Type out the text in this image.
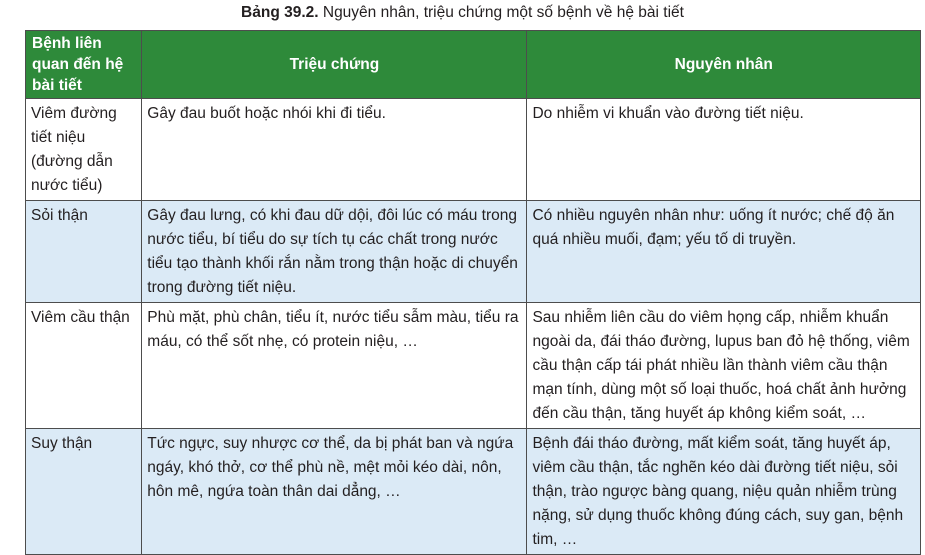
Bảng 39.2. Nguyên nhân, triệu chứng một số bệnh về hệ bài tiết
Bệnh liên quan đến hệ bài tiết	Triệu chứng	Nguyên nhân
Viêm đường tiết niệu (đường dẫn nước tiểu)	Gây đau buốt hoặc nhói khi đi tiểu.	Do nhiễm vi khuẩn vào đường tiết niệu.
Sỏi thận	Gây đau lưng, có khi đau dữ dội, đôi lúc có máu trong nước tiểu, bí tiểu do sự tích tụ các chất trong nước tiểu tạo thành khối rắn nằm trong thận hoặc di chuyển trong đường tiết niệu.	Có nhiều nguyên nhân như: uống ít nước; chế độ ăn quá nhiều muối, đạm; yếu tố di truyền.
Viêm cầu thận	Phù mặt, phù chân, tiểu ít, nước tiểu sẫm màu, tiểu ra máu, có thể sốt nhẹ, có protein niệu, …	Sau nhiễm liên cầu do viêm họng cấp, nhiễm khuẩn ngoài da, đái tháo đường, lupus ban đỏ hệ thống, viêm cầu thận cấp tái phát nhiều lần thành viêm cầu thận mạn tính, dùng một số loại thuốc, hoá chất ảnh hưởng đến cầu thận, tăng huyết áp không kiểm soát, …
Suy thận	Tức ngực, suy nhược cơ thể, da bị phát ban và ngứa ngáy, khó thở, cơ thể phù nề, mệt mỏi kéo dài, nôn, hôn mê, ngứa toàn thân dai dẳng, …	Bệnh đái tháo đường, mất kiểm soát, tăng huyết áp, viêm cầu thận, tắc nghẽn kéo dài đường tiết niệu, sỏi thận, trào ngược bàng quang, niệu quản nhiễm trùng nặng, sử dụng thuốc không đúng cách, suy gan, bệnh tim, …
